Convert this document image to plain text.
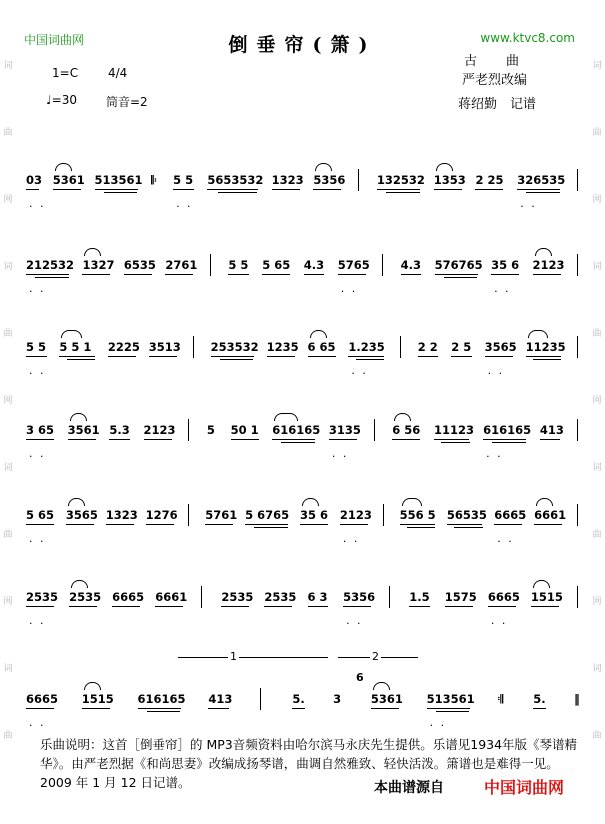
词
曲
网
词
曲
网
词
曲
网
词
曲
词
曲
网
词
曲
网
词
曲
网
词
曲
中国词曲网	www.ktvc8.com
倒垂帘(箫)
1=C 4/4
♩=30 筒音=2
古　　曲
严老烈改编
蒋绍勤　记谱
03
. .
5361 513561 𝄆 5 5
. .
5653532 1323 5356	132532 1353 2 25 326535
. .
212532
. .
1327 6535 2761	5 5 5 65 4.3 5765
. .
4.3 576765 35 6
. .
2123
5 5
. .
5 5 1 2225 3513	253532 1235 6 65 1.235
. .
2 2 2 5 3565
. .
11235
3 65
. .
3561 5.3 2123	5 50 1 616165 3135
. .
6 56 11123 616165
. .
413
5 65
. .
3565 1323 1276 5761 5 6765 35 6 2123
. .
556 5 56535 6665
. .
6661
2535
. .
2535 6665 6661	2535 2535 6 3 5356
. .
1.5 1575 6665
. .
1515
6665
. .
1515 616165 413	5. 3	5361 513561
. .
𝄇	5. ‖
1	2
6
乐曲说明：这首［倒垂帘］的 MP3音频资料由哈尔滨马永庆先生提供。乐谱见1934年版《琴谱精华》。由严老烈据《和尚思妻》改编成扬琴谱，曲调自然雅致、轻快活泼。箫谱也是难得一见。2009 年 1 月 12 日记谱。	本曲谱源自	中国词曲网
